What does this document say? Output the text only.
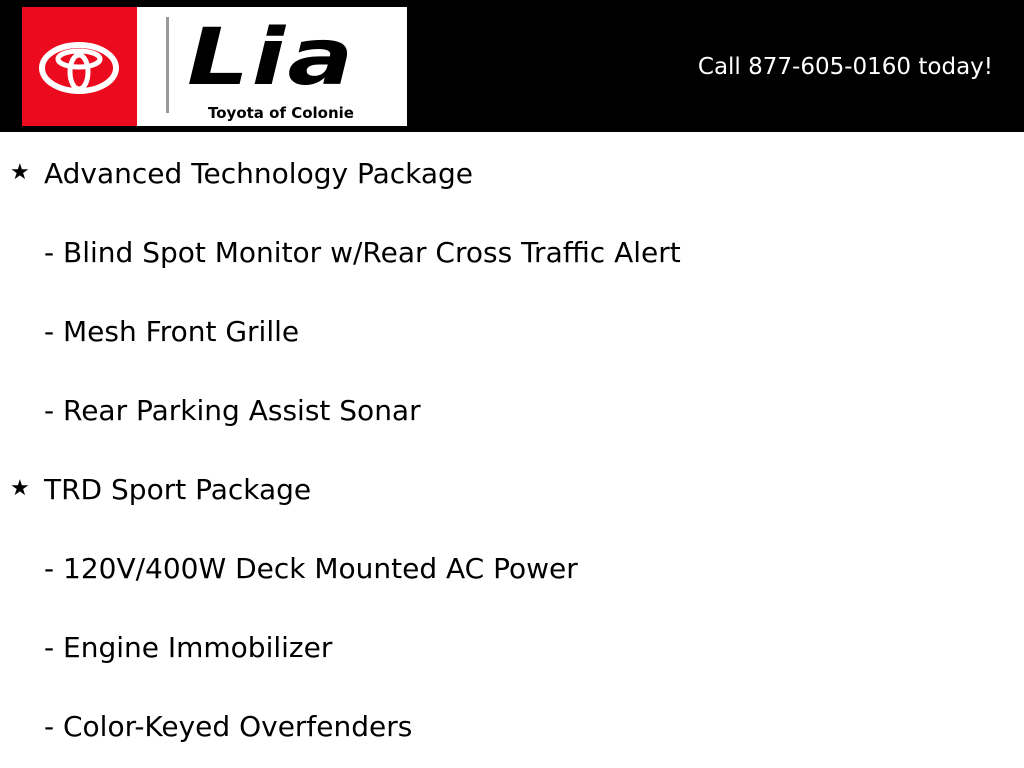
Lia
Toyota of Colonie
Call 877-605-0160 today!
★ Advanced Technology Package
- Blind Spot Monitor w/Rear Cross Traffic Alert
- Mesh Front Grille
- Rear Parking Assist Sonar
★ TRD Sport Package
- 120V/400W Deck Mounted AC Power
- Engine Immobilizer
- Color-Keyed Overfenders
